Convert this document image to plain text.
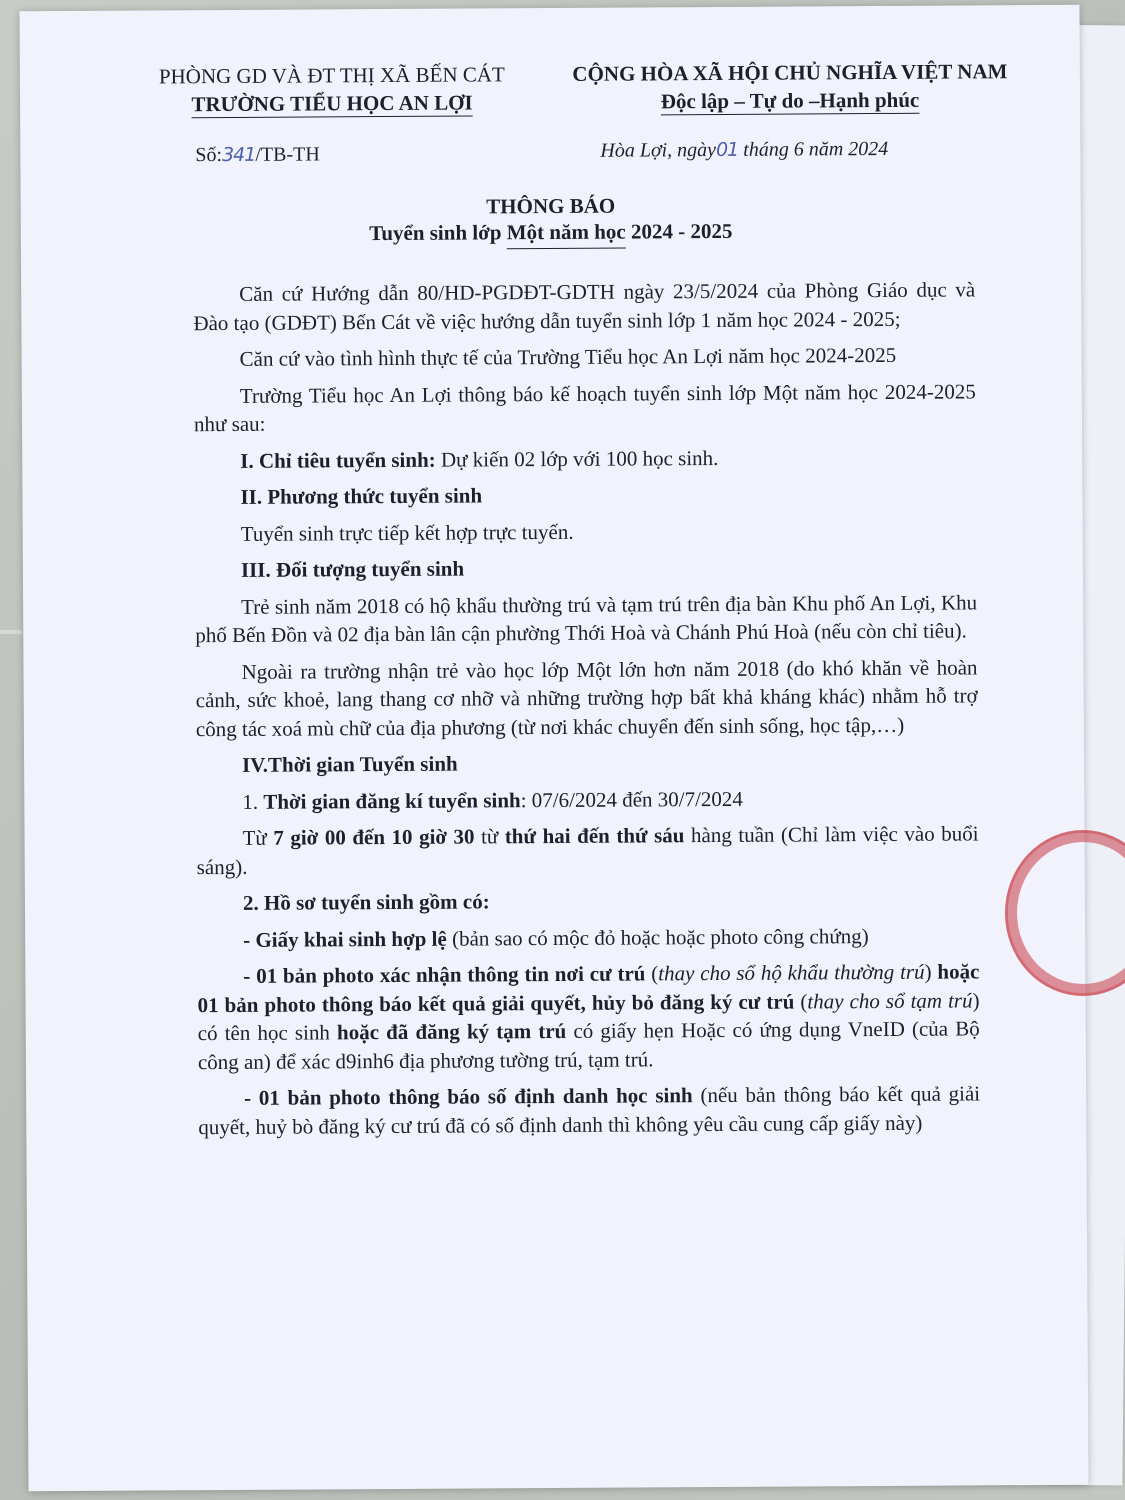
PHÒNG GD VÀ ĐT THỊ XÃ BẾN CÁT
TRƯỜNG TIỂU HỌC AN LỢI
CỘNG HÒA XÃ HỘI CHỦ NGHĨA VIỆT NAM
Độc lập – Tự do –Hạnh phúc
Số:341/TB-TH	Hòa Lợi, ngày01 tháng 6 năm 2024
THÔNG BÁO
Tuyển sinh lớp Một năm học 2024 - 2025

Căn cứ Hướng dẫn 80/HD-PGDĐT-GDTH ngày 23/5/2024 của Phòng Giáo dục và Đào tạo (GDĐT) Bến Cát về việc hướng dẫn tuyển sinh lớp 1 năm học 2024 - 2025;

Căn cứ vào tình hình thực tế của Trường Tiểu học An Lợi năm học 2024-2025

Trường Tiểu học An Lợi thông báo kế hoạch tuyển sinh lớp Một năm học 2024-2025 như sau:

I. Chỉ tiêu tuyển sinh: Dự kiến 02 lớp với 100 học sinh.

II. Phương thức tuyển sinh

Tuyển sinh trực tiếp kết hợp trực tuyến.

III. Đối tượng tuyển sinh

Trẻ sinh năm 2018 có hộ khẩu thường trú và tạm trú trên địa bàn Khu phố An Lợi, Khu phố Bến Đồn và 02 địa bàn lân cận phường Thới Hoà và Chánh Phú Hoà (nếu còn chỉ tiêu).

Ngoài ra trường nhận trẻ vào học lớp Một lớn hơn năm 2018 (do khó khăn về hoàn cảnh, sức khoẻ, lang thang cơ nhỡ và những trường hợp bất khả kháng khác) nhằm hỗ trợ công tác xoá mù chữ của địa phương (từ nơi khác chuyển đến sinh sống, học tập,…)

IV.Thời gian Tuyển sinh

1. Thời gian đăng kí tuyển sinh: 07/6/2024 đến 30/7/2024

Từ 7 giờ 00 đến 10 giờ 30 từ thứ hai đến thứ sáu hàng tuần (Chỉ làm việc vào buổi sáng).

2. Hồ sơ tuyển sinh gồm có:

- Giấy khai sinh hợp lệ (bản sao có mộc đỏ hoặc hoặc photo công chứng)

- 01 bản photo xác nhận thông tin nơi cư trú (thay cho sổ hộ khẩu thường trú) hoặc 01 bản photo thông báo kết quả giải quyết, hủy bỏ đăng ký cư trú (thay cho sổ tạm trú) có tên học sinh hoặc đã đăng ký tạm trú có giấy hẹn Hoặc có ứng dụng VneID (của Bộ công an) để xác d9inh6 địa phương tường trú, tạm trú.

- 01 bản photo thông báo số định danh học sinh (nếu bản thông báo kết quả giải quyết, huỷ bò đăng ký cư trú đã có số định danh thì không yêu cầu cung cấp giấy này)
